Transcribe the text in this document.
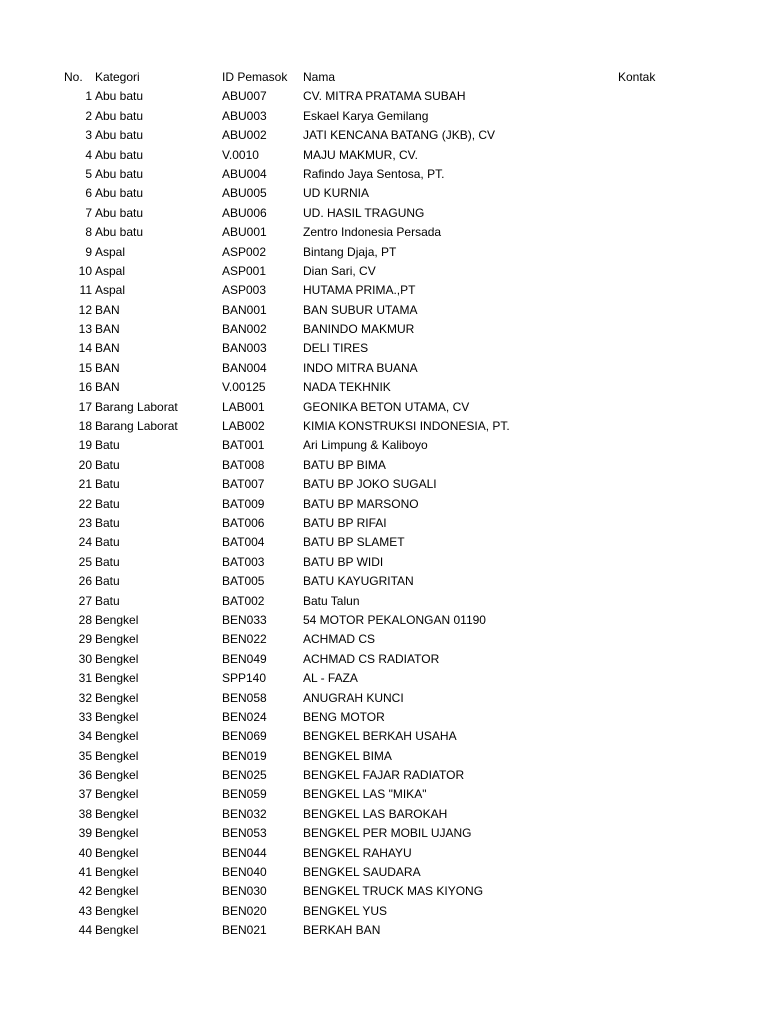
No.	Kategori	ID Pemasok	Nama	Kontak
1 Abu batu	ABU007	CV. MITRA PRATAMA SUBAH
2 Abu batu	ABU003	Eskael Karya Gemilang
3 Abu batu	ABU002	JATI KENCANA BATANG (JKB), CV
4 Abu batu	V.0010	MAJU MAKMUR, CV.
5 Abu batu	ABU004	Rafindo Jaya Sentosa, PT.
6 Abu batu	ABU005	UD KURNIA
7 Abu batu	ABU006	UD. HASIL TRAGUNG
8 Abu batu	ABU001	Zentro Indonesia Persada
9 Aspal	ASP002	Bintang Djaja, PT
10 Aspal	ASP001	Dian Sari, CV
11 Aspal	ASP003	HUTAMA PRIMA.,PT
12 BAN	BAN001	BAN SUBUR UTAMA
13 BAN	BAN002	BANINDO MAKMUR
14 BAN	BAN003	DELI TIRES
15 BAN	BAN004	INDO MITRA BUANA
16 BAN	V.00125	NADA TEKHNIK
17 Barang Laborat	LAB001	GEONIKA BETON UTAMA, CV
18 Barang Laborat	LAB002	KIMIA KONSTRUKSI INDONESIA, PT.
19 Batu	BAT001	Ari Limpung & Kaliboyo
20 Batu	BAT008	BATU BP BIMA
21 Batu	BAT007	BATU BP JOKO SUGALI
22 Batu	BAT009	BATU BP MARSONO
23 Batu	BAT006	BATU BP RIFAI
24 Batu	BAT004	BATU BP SLAMET
25 Batu	BAT003	BATU BP WIDI
26 Batu	BAT005	BATU KAYUGRITAN
27 Batu	BAT002	Batu Talun
28 Bengkel	BEN033	54 MOTOR PEKALONGAN 01190
29 Bengkel	BEN022	ACHMAD CS
30 Bengkel	BEN049	ACHMAD CS RADIATOR
31 Bengkel	SPP140	AL - FAZA
32 Bengkel	BEN058	ANUGRAH KUNCI
33 Bengkel	BEN024	BENG MOTOR
34 Bengkel	BEN069	BENGKEL BERKAH USAHA
35 Bengkel	BEN019	BENGKEL BIMA
36 Bengkel	BEN025	BENGKEL FAJAR RADIATOR
37 Bengkel	BEN059	BENGKEL LAS "MIKA"
38 Bengkel	BEN032	BENGKEL LAS BAROKAH
39 Bengkel	BEN053	BENGKEL PER MOBIL UJANG
40 Bengkel	BEN044	BENGKEL RAHAYU
41 Bengkel	BEN040	BENGKEL SAUDARA
42 Bengkel	BEN030	BENGKEL TRUCK MAS KIYONG
43 Bengkel	BEN020	BENGKEL YUS
44 Bengkel	BEN021	BERKAH BAN
